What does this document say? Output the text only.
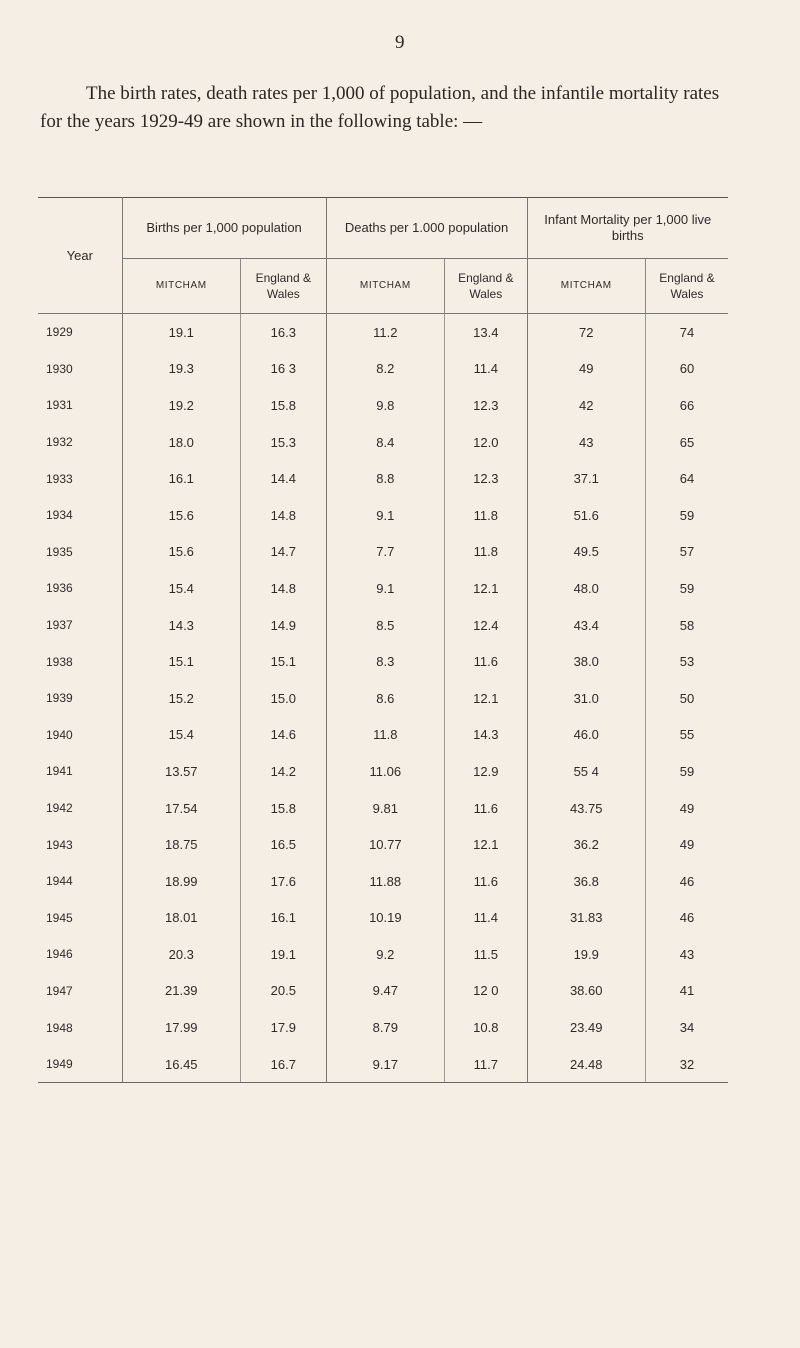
9

The birth rates, death rates per 1,000 of population, and the infantile mortality rates for the years 1929-49 are shown in the following table: —

Year	Births per 1,000 population		Deaths per 1.000 population		Infant Mortality per 1,000 live births	
	MITCHAM	England & Wales	MITCHAM	England & Wales	MITCHAM	England & Wales
1929	19.1	16.3	11.2	13.4	72	74
1930	19.3	16 3	8.2	11.4	49	60
1931	19.2	15.8	9.8	12.3	42	66
1932	18.0	15.3	8.4	12.0	43	65
1933	16.1	14.4	8.8	12.3	37.1	64
1934	15.6	14.8	9.1	11.8	51.6	59
1935	15.6	14.7	7.7	11.8	49.5	57
1936	15.4	14.8	9.1	12.1	48.0	59
1937	14.3	14.9	8.5	12.4	43.4	58
1938	15.1	15.1	8.3	11.6	38.0	53
1939	15.2	15.0	8.6	12.1	31.0	50
1940	15.4	14.6	11.8	14.3	46.0	55
1941	13.57	14.2	11.06	12.9	55 4	59
1942	17.54	15.8	9.81	11.6	43.75	49
1943	18.75	16.5	10.77	12.1	36.2	49
1944	18.99	17.6	11.88	11.6	36.8	46
1945	18.01	16.1	10.19	11.4	31.83	46
1946	20.3	19.1	9.2	11.5	19.9	43
1947	21.39	20.5	9.47	12 0	38.60	41
1948	17.99	17.9	8.79	10.8	23.49	34
1949	16.45	16.7	9.17	11.7	24.48	32
